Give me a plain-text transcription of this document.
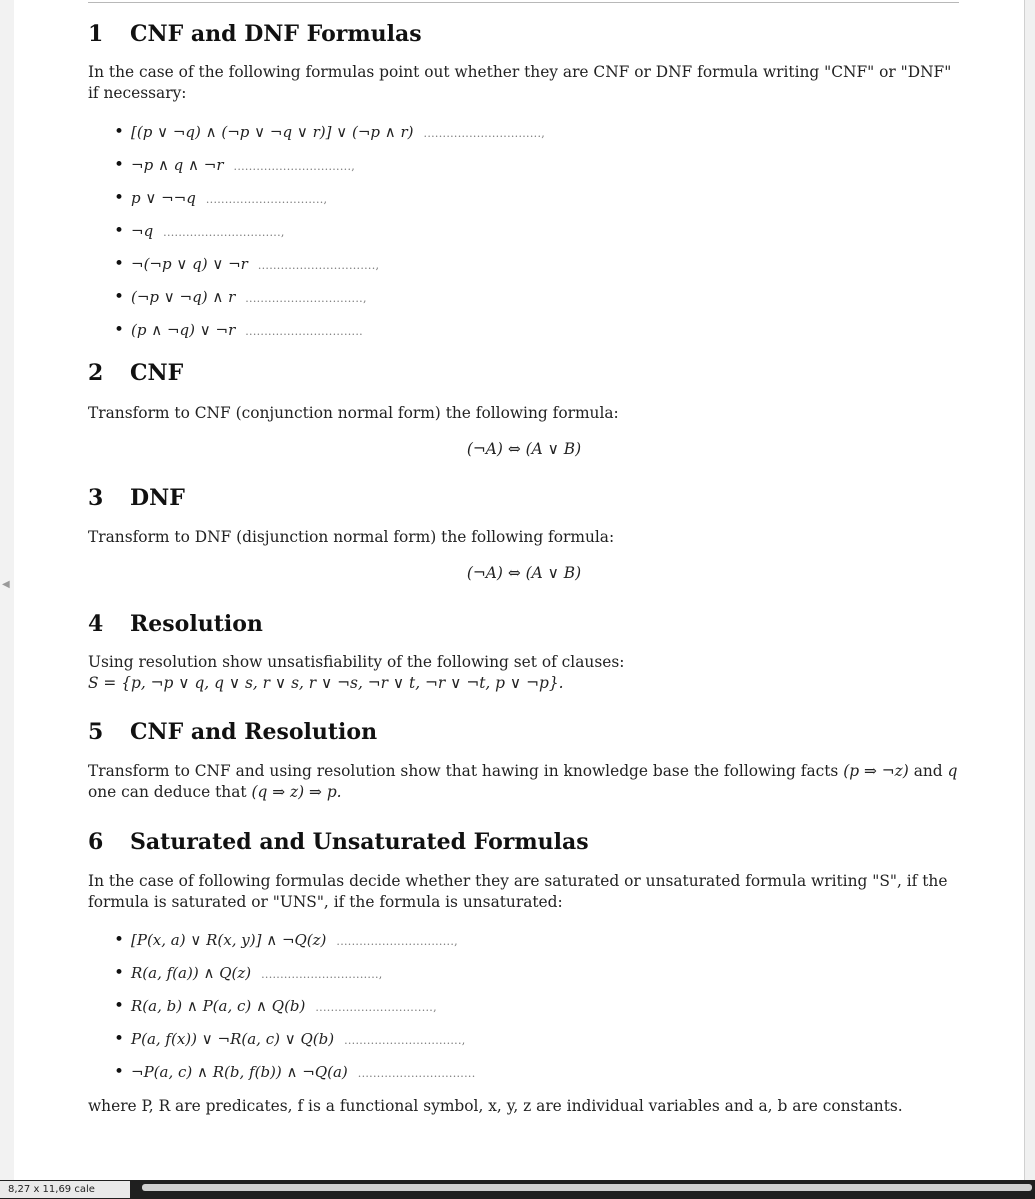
◀
1 CNF and DNF Formulas

In the case of the following formulas point out whether they are CNF or DNF formula writing "CNF" or "DNF" if necessary:

• [(p ∨ ¬q) ∧ (¬p ∨ ¬q ∨ r)] ∨ (¬p ∧ r) ...............................,
• ¬p ∧ q ∧ ¬r ...............................,
• p ∨ ¬¬q ...............................,
• ¬q ...............................,
• ¬(¬p ∨ q) ∨ ¬r ...............................,
• (¬p ∨ ¬q) ∧ r ...............................,
• (p ∧ ¬q) ∨ ¬r ...............................
2 CNF

Transform to CNF (conjunction normal form) the following formula:

(¬A) ⇔ (A ∨ B)
3 DNF

Transform to DNF (disjunction normal form) the following formula:

(¬A) ⇔ (A ∨ B)
4 Resolution

Using resolution show unsatisfiability of the following set of clauses:
S = {p, ¬p ∨ q, q ∨ s, r ∨ s, r ∨ ¬s, ¬r ∨ t, ¬r ∨ ¬t, p ∨ ¬p}.

5 CNF and Resolution

Transform to CNF and using resolution show that hawing in knowledge base the following facts (p ⇒ ¬z) and q one can deduce that (q ⇒ z) ⇒ p.

6 Saturated and Unsaturated Formulas

In the case of following formulas decide whether they are saturated or unsaturated formula writing "S", if the formula is saturated or "UNS", if the formula is unsaturated:

• [P(x, a) ∨ R(x, y)] ∧ ¬Q(z) ...............................,
• R(a, f(a)) ∧ Q(z) ...............................,
• R(a, b) ∧ P(a, c) ∧ Q(b) ...............................,
• P(a, f(x)) ∨ ¬R(a, c) ∨ Q(b) ...............................,
• ¬P(a, c) ∧ R(b, f(b)) ∧ ¬Q(a) ...............................

where P, R are predicates, f is a functional symbol, x, y, z are individual variables and a, b are constants.

8,27 x 11,69 cale
